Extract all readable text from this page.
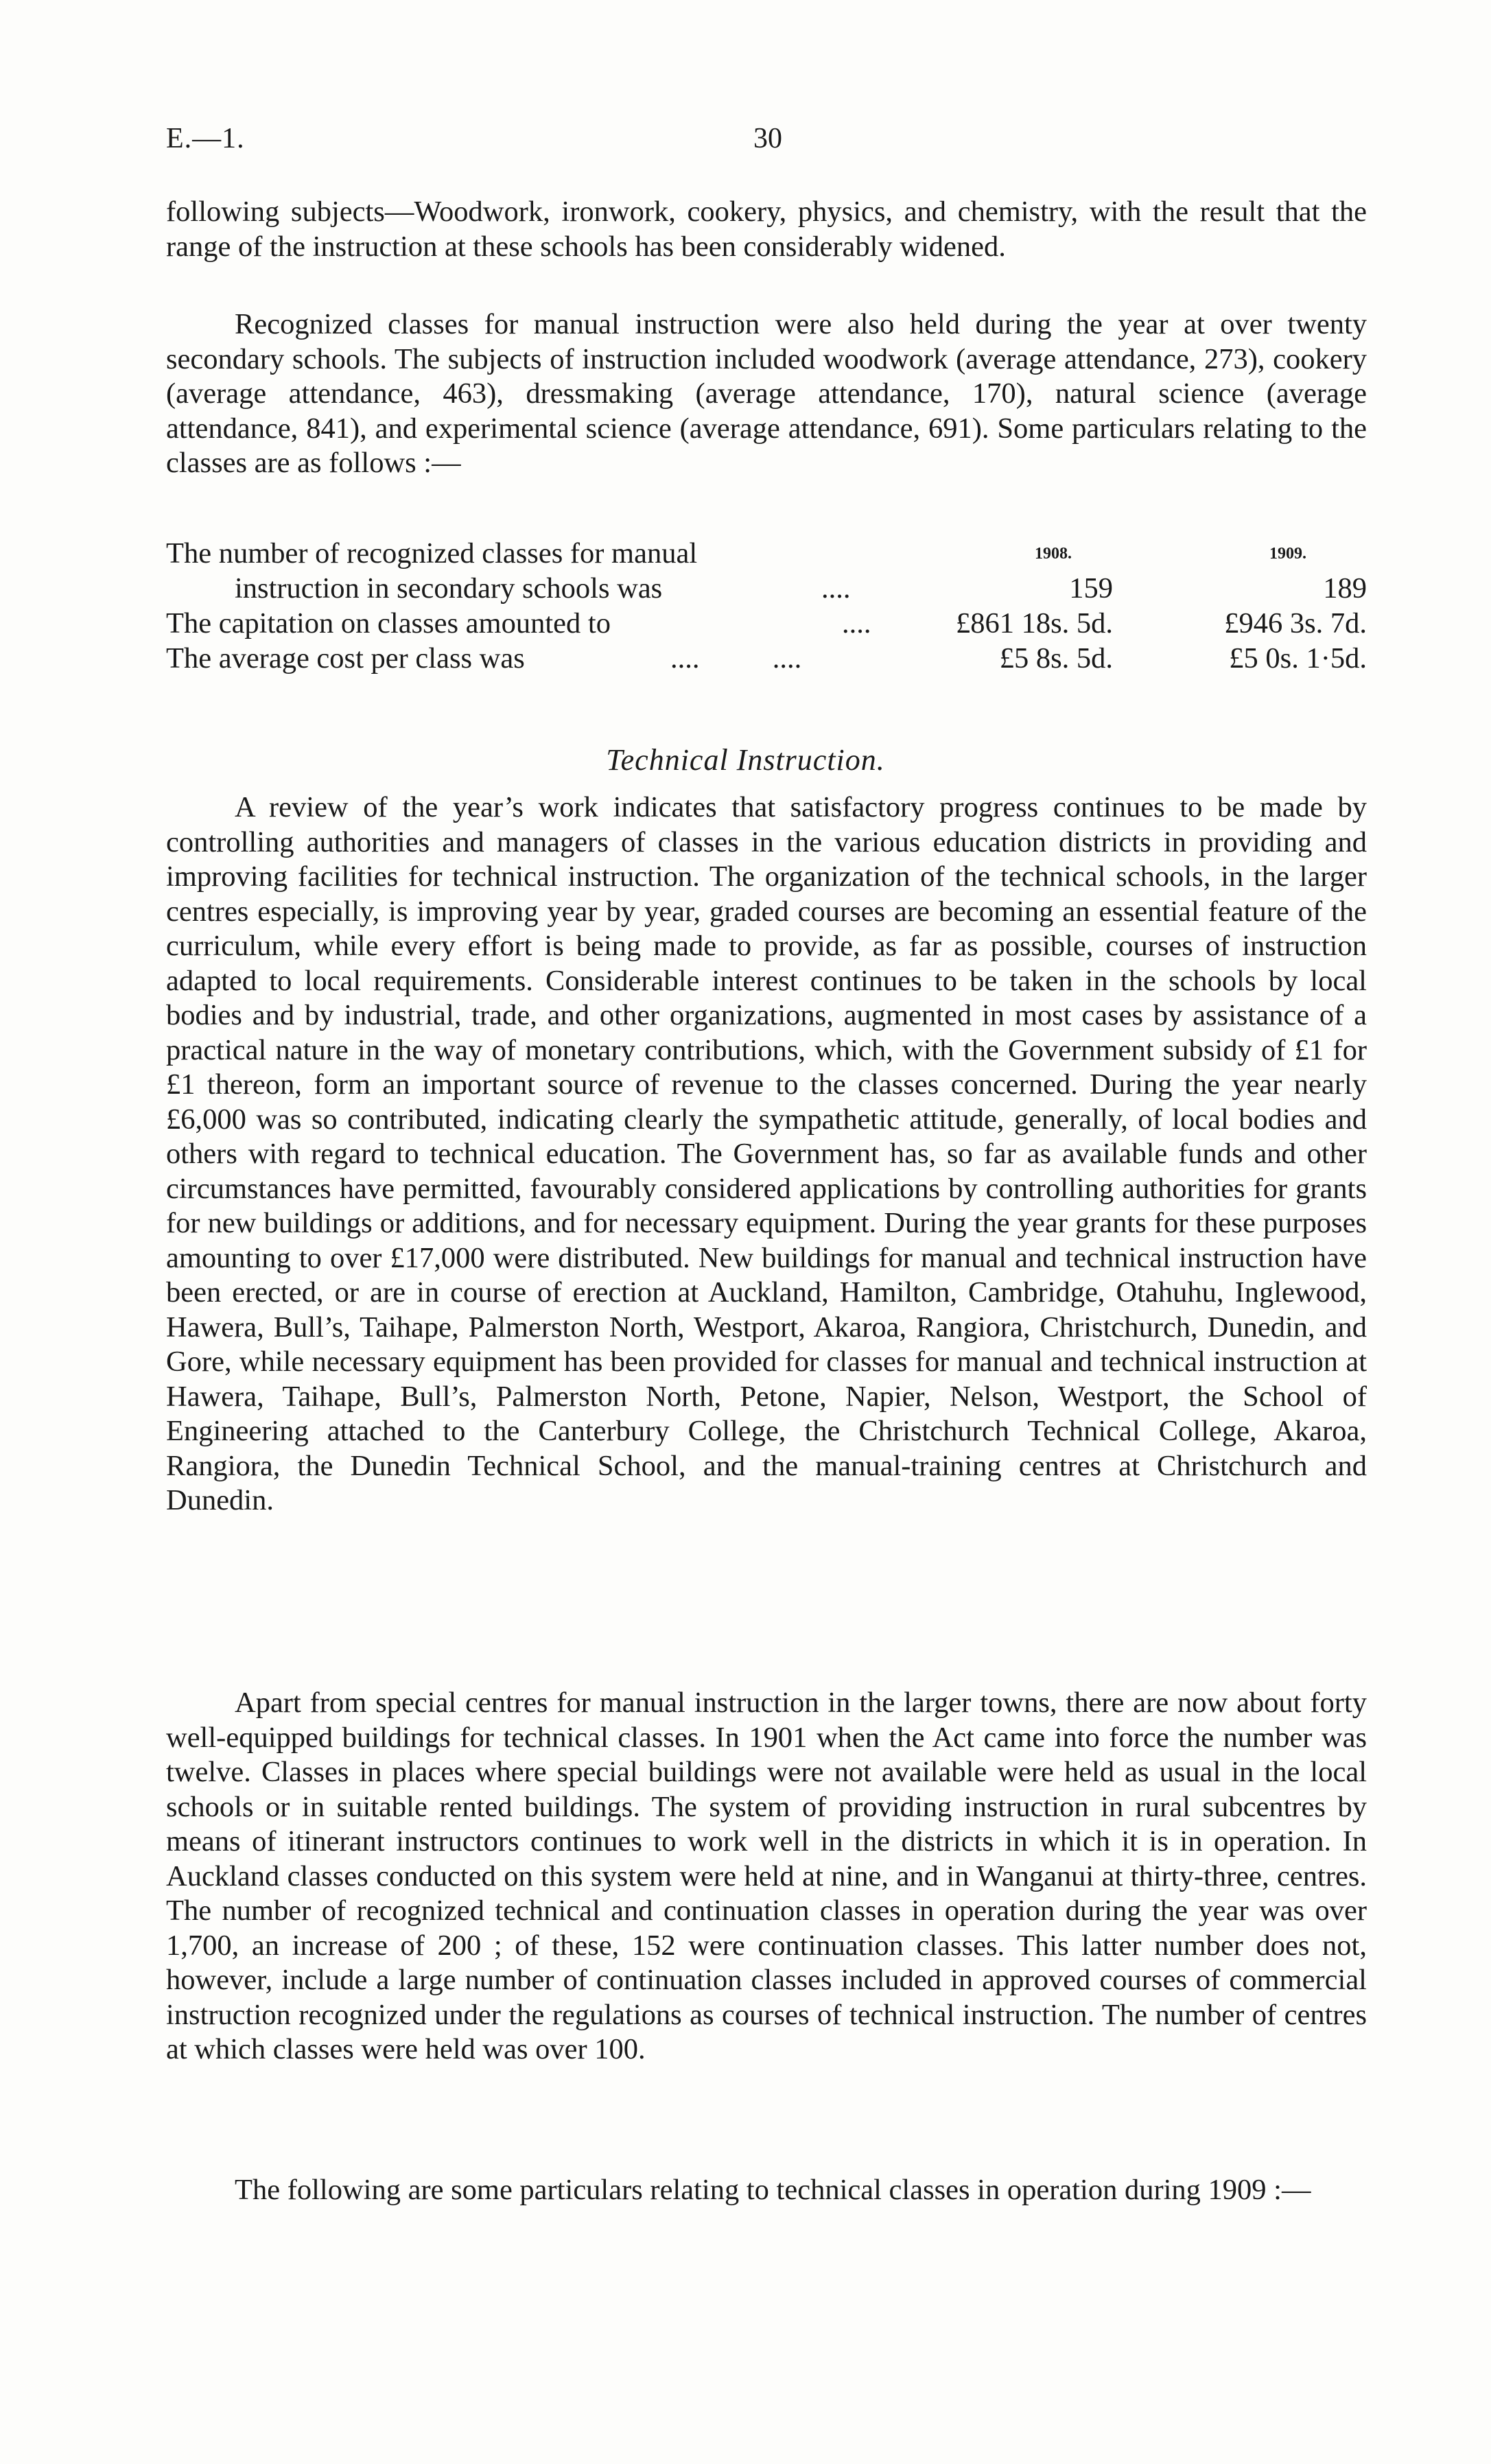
E.—1.	30

following subjects—Woodwork, ironwork, cookery, physics, and chemistry, with the result that the range of the instruction at these schools has been considerably widened.

Recognized classes for manual instruction were also held during the year at over twenty secondary schools. The subjects of instruction included woodwork (average attendance, 273), cookery (average attendance, 463), dressmaking (average attendance, 170), natural science (average attendance, 841), and experimental science (average attendance, 691). Some particulars relating to the classes are as follows :—

The number of recognized classes for manual	1908.	1909.
instruction in secondary schools was	....	159	189
The capitation on classes amounted to	....	£861 18s. 5d.	£946 3s. 7d.
The average cost per class was	....          ....	£5 8s. 5d.	£5 0s. 1·5d.
Technical Instruction.

A review of the year’s work indicates that satisfactory progress continues to be made by controlling authorities and managers of classes in the various education districts in providing and improving facilities for technical instruction. The organization of the technical schools, in the larger centres especially, is improving year by year, graded courses are becoming an essential feature of the curriculum, while every effort is being made to provide, as far as possible, courses of instruction adapted to local requirements. Considerable interest continues to be taken in the schools by local bodies and by industrial, trade, and other organizations, augmented in most cases by assistance of a practical nature in the way of monetary contributions, which, with the Government subsidy of £1 for £1 thereon, form an important source of revenue to the classes concerned. During the year nearly £6,000 was so contributed, indicating clearly the sympathetic attitude, generally, of local bodies and others with regard to technical education. The Government has, so far as available funds and other circumstances have permitted, favourably considered applications by controlling authorities for grants for new buildings or additions, and for necessary equipment. During the year grants for these purposes amounting to over £17,000 were distributed. New buildings for manual and technical instruction have been erected, or are in course of erection at Auckland, Hamilton, Cambridge, Otahuhu, Inglewood, Hawera, Bull’s, Taihape, Palmerston North, Westport, Akaroa, Rangiora, Christchurch, Dunedin, and Gore, while necessary equipment has been provided for classes for manual and technical instruction at Hawera, Taihape, Bull’s, Palmerston North, Petone, Napier, Nelson, Westport, the School of Engineering attached to the Canterbury College, the Christchurch Technical College, Akaroa, Rangiora, the Dunedin Technical School, and the manual-training centres at Christchurch and Dunedin.

Apart from special centres for manual instruction in the larger towns, there are now about forty well-equipped buildings for technical classes. In 1901 when the Act came into force the number was twelve. Classes in places where special buildings were not available were held as usual in the local schools or in suitable rented buildings. The system of providing instruction in rural subcentres by means of itinerant instructors continues to work well in the districts in which it is in operation. In Auckland classes conducted on this system were held at nine, and in Wanganui at thirty-three, centres. The number of recognized technical and continuation classes in operation during the year was over 1,700, an increase of 200 ; of these, 152 were continuation classes. This latter number does not, however, include a large number of continuation classes included in approved courses of commercial instruction recognized under the regulations as courses of technical instruction. The number of centres at which classes were held was over 100.

The following are some particulars relating to technical classes in operation during 1909 :—
